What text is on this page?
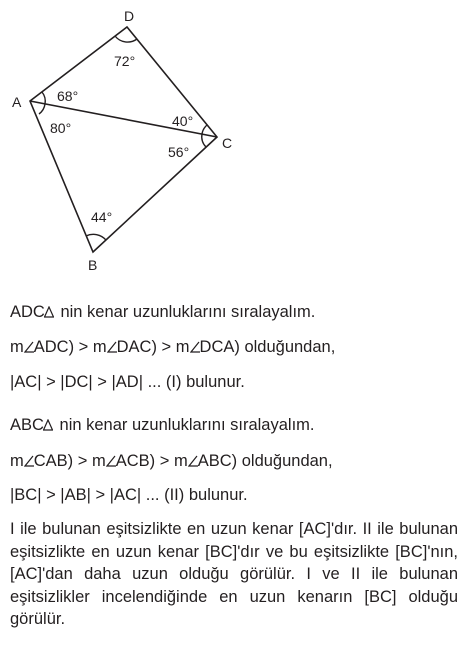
D
A
C
B
72°
68°
80°	40°
56°
44°
ADC nin kenar uzunluklarını sıralayalım.
m ADC) > m DAC) > m DCA) olduğundan,
|AC| > |DC| > |AD| ... (I) bulunur.
ABC nin kenar uzunluklarını sıralayalım.
m CAB) > m ACB) > m ABC) olduğundan,
|BC| > |AB| > |AC| ... (II) bulunur.
I ile bulunan eşitsizlikte en uzun kenar [AC]'dır. II ile bulunan eşitsizlikte en uzun kenar [BC]'dır ve bu eşitsizlikte [BC]'nın, [AC]'dan daha uzun olduğu görülür. I ve II ile bulunan eşitsizlikler incelendiğinde en uzun kenarın [BC] olduğu görülür.
